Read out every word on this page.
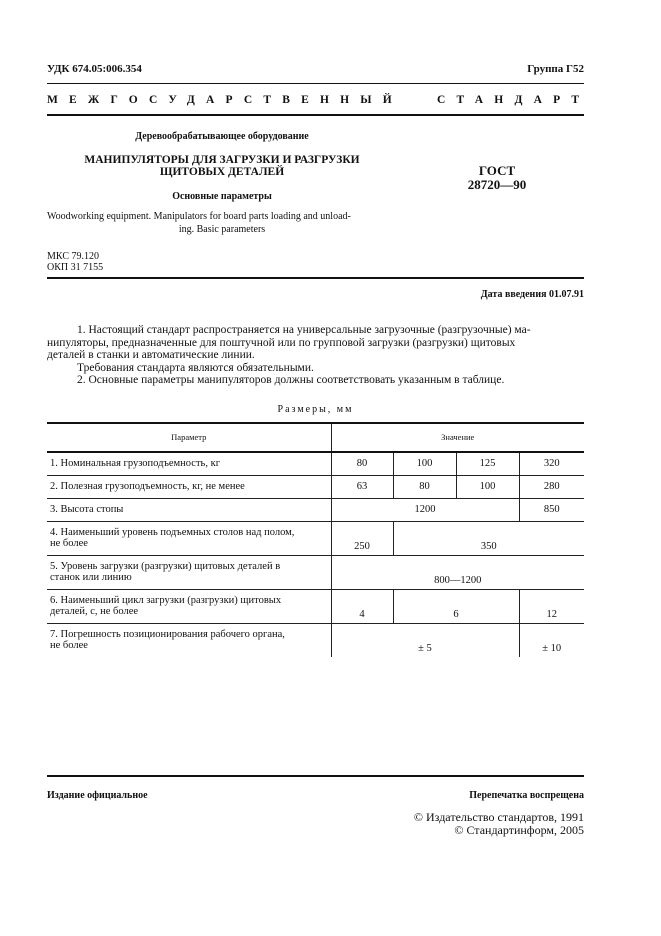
УДК 674.05:006.354	Группа Г52
МЕЖГОСУДАРСТВЕННЫЙ	СТАНДАРТ
Деревообрабатывающее оборудование
МАНИПУЛЯТОРЫ ДЛЯ ЗАГРУЗКИ И РАЗГРУЗКИ
ЩИТОВЫХ ДЕТАЛЕЙ
Основные параметры
Woodworking equipment. Manipulators for board parts loading and unload-
ing. Basic parameters
ГОСТ
28720—90
МКС 79.120
ОКП 31 7155
Дата введения 01.07.91
1. Настоящий стандарт распространяется на универсальные загрузочные (разгрузочные) ма-
нипуляторы, предназначенные для поштучной или по групповой загрузки (разгрузки) щитовых
деталей в станки и автоматические линии.
Требования стандарта являются обязательными.
2. Основные параметры манипуляторов должны соответствовать указанным в таблице.
Размеры, мм
Параметр	Значение			
1. Номинальная грузоподъемность, кг	80	100	125	320
2. Полезная грузоподъемность, кг, не менее	63	80	100	280
3. Высота стопы	1200			850

4. Наименьший уровень подъемных столов над полом,
не более	250	350		

5. Уровень загрузки (разгрузки) щитовых деталей в
станок или линию	800—1200			

6. Наименьший цикл загрузки (разгрузки) щитовых
деталей, с, не более	4	6		12

7. Погрешность позиционирования рабочего органа,
не более	± 5			± 10
Издание официальное	Перепечатка воспрещена
© Издательство стандартов, 1991
© Стандартинформ, 2005
